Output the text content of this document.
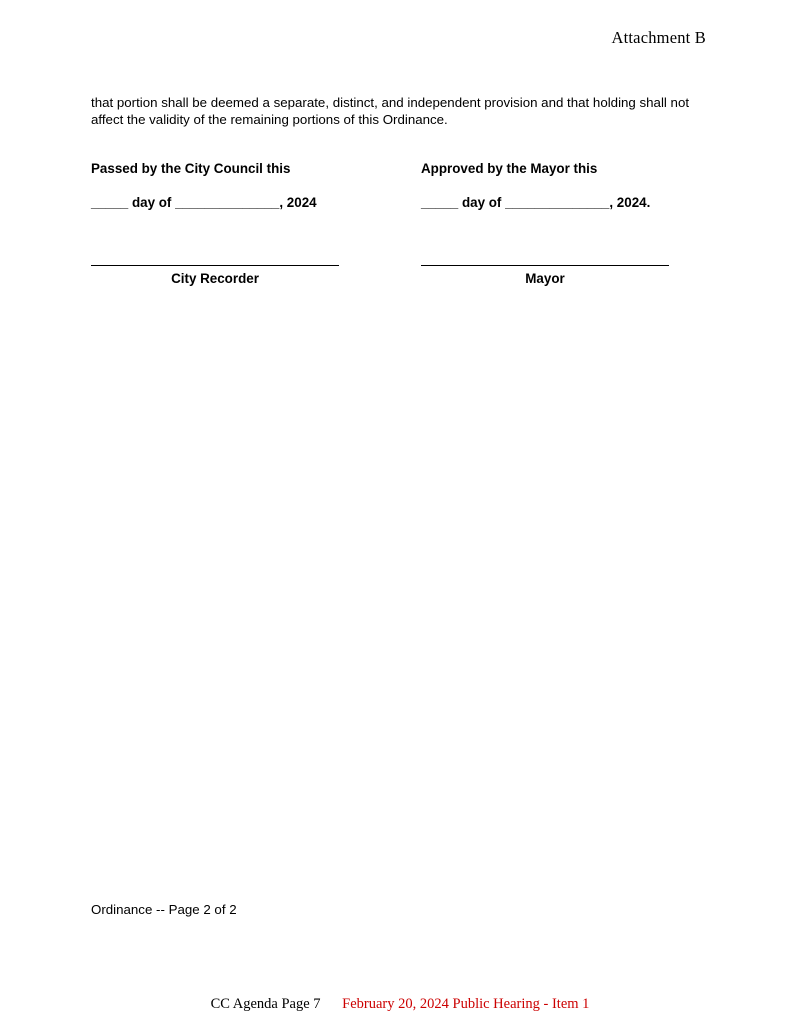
Attachment B
that portion shall be deemed a separate, distinct, and independent provision and that holding shall not affect the validity of the remaining portions of this Ordinance.

Passed by the City Council this

_____ day of ______________, 2024

Approved by the Mayor this

_____ day of ______________, 2024.

City Recorder	Mayor
Ordinance -- Page 2 of 2
CC Agenda Page 7 February 20, 2024 Public Hearing - Item 1
